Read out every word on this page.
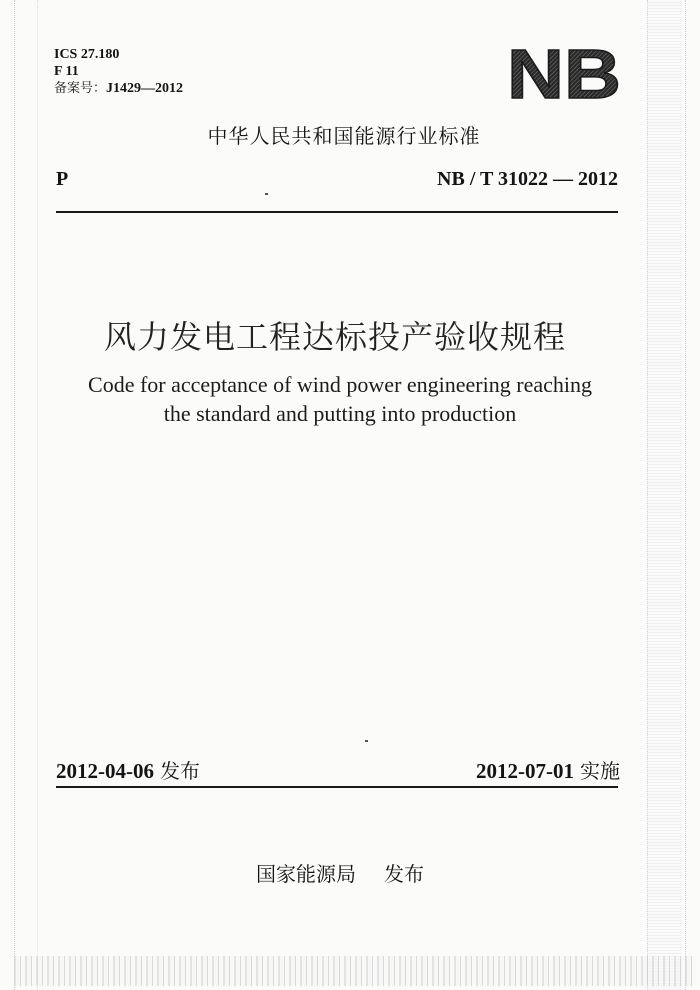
ICS 27.180
F 11
备案号：J1429—2012	NB
中华人民共和国能源行业标准
P	NB / T 31022 — 2012
风力发电工程达标投产验收规程
Code for acceptance of wind power engineering reaching
the standard and putting into production
2012-04-06 发布	2012-07-01 实施
国家能源局 发布
